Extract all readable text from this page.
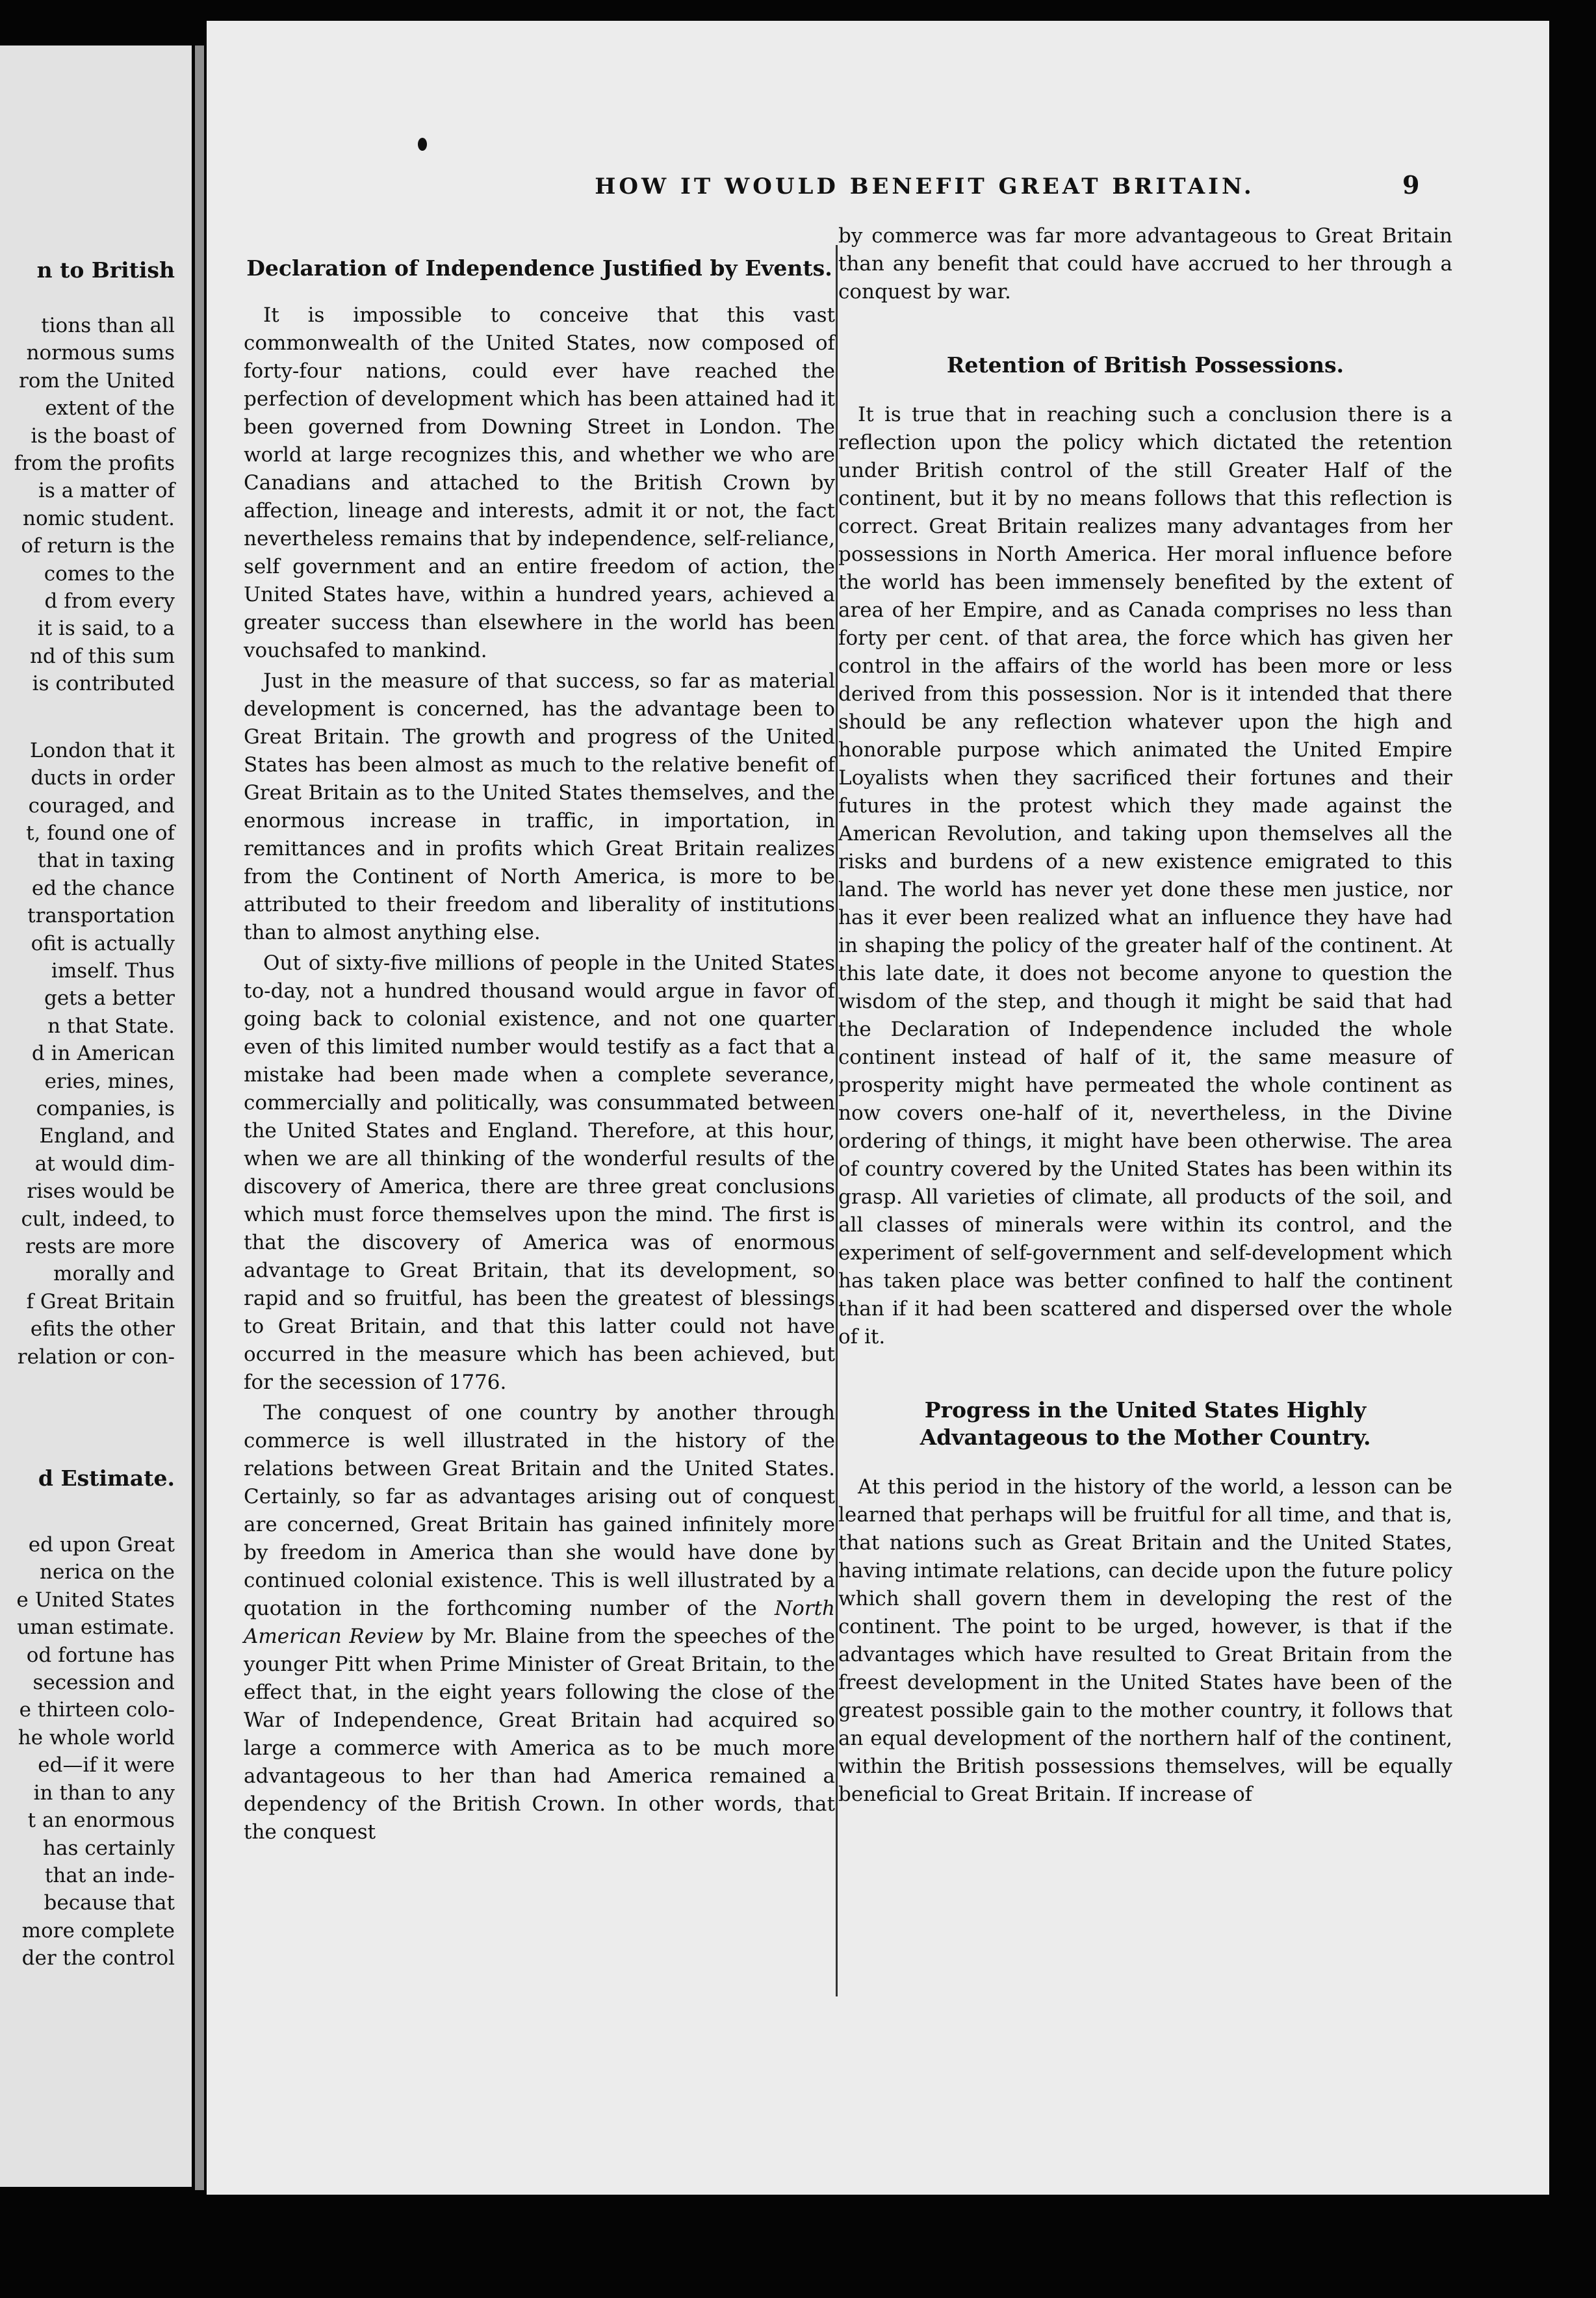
n to British
tions than all
normous sums
rom the United
extent of the
is the boast of
from the profits
is a matter of
nomic student.
of return is the
comes to the
d from every
it is said, to a
nd of this sum
is contributed
London that it
ducts in order
couraged, and
t, found one of
that in taxing
ed the chance
transportation
ofit is actually
imself. Thus
gets a better
n that State.
d in American
eries, mines,
companies, is
England, and
at would dim-
rises would be
cult, indeed, to
rests are more
morally and
f Great Britain
efits the other
relation or con-
d Estimate.
ed upon Great
nerica on the
e United States
uman estimate.
od fortune has
secession and
e thirteen colo-
he whole world
ed—if it were
in than to any
t an enormous
has certainly
that an inde-
because that
more complete
der the control
HOW IT WOULD BENEFIT GREAT BRITAIN.	9
Declaration of Independence Justified by Events.

It is impossible to conceive that this vast commonwealth of the United States, now composed of forty-four nations, could ever have reached the perfection of development which has been attained had it been governed from Downing Street in London. The world at large recognizes this, and whether we who are Canadians and attached to the British Crown by affection, lineage and interests, admit it or not, the fact nevertheless remains that by independence, self-reliance, self government and an entire freedom of action, the United States have, within a hundred years, achieved a greater success than elsewhere in the world has been vouchsafed to mankind.

Just in the measure of that success, so far as material development is concerned, has the advantage been to Great Britain. The growth and progress of the United States has been almost as much to the relative benefit of Great Britain as to the United States themselves, and the enormous increase in traffic, in importation, in remittances and in profits which Great Britain realizes from the Continent of North America, is more to be attributed to their freedom and liberality of institutions than to almost anything else.

Out of sixty-five millions of people in the United States to-day, not a hundred thousand would argue in favor of going back to colonial existence, and not one quarter even of this limited number would testify as a fact that a mistake had been made when a complete severance, commercially and politically, was consummated between the United States and England. Therefore, at this hour, when we are all thinking of the wonderful results of the discovery of America, there are three great conclusions which must force themselves upon the mind. The first is that the discovery of America was of enormous advantage to Great Britain, that its development, so rapid and so fruitful, has been the greatest of blessings to Great Britain, and that this latter could not have occurred in the measure which has been achieved, but for the secession of 1776.

The conquest of one country by another through commerce is well illustrated in the history of the relations between Great Britain and the United States. Certainly, so far as advantages arising out of conquest are concerned, Great Britain has gained infinitely more by freedom in America than she would have done by continued colonial existence. This is well illustrated by a quotation in the forthcoming number of the North American Review by Mr. Blaine from the speeches of the younger Pitt when Prime Minister of Great Britain, to the effect that, in the eight years following the close of the War of Independence, Great Britain had acquired so large a commerce with America as to be much more advantageous to her than had America remained a dependency of the British Crown. In other words, that the conquest

by commerce was far more advantageous to Great Britain than any benefit that could have accrued to her through a conquest by war.

Retention of British Possessions.

It is true that in reaching such a conclusion there is a reflection upon the policy which dictated the retention under British control of the still Greater Half of the continent, but it by no means follows that this reflection is correct. Great Britain realizes many advantages from her possessions in North America. Her moral influence before the world has been immensely benefited by the extent of area of her Empire, and as Canada comprises no less than forty per cent. of that area, the force which has given her control in the affairs of the world has been more or less derived from this possession. Nor is it intended that there should be any reflection whatever upon the high and honorable purpose which animated the United Empire Loyalists when they sacrificed their fortunes and their futures in the protest which they made against the American Revolution, and taking upon themselves all the risks and burdens of a new existence emigrated to this land. The world has never yet done these men justice, nor has it ever been realized what an influence they have had in shaping the policy of the greater half of the continent. At this late date, it does not become anyone to question the wisdom of the step, and though it might be said that had the Declaration of Independence included the whole continent instead of half of it, the same measure of prosperity might have permeated the whole continent as now covers one-half of it, nevertheless, in the Divine ordering of things, it might have been otherwise. The area of country covered by the United States has been within its grasp. All varieties of climate, all products of the soil, and all classes of minerals were within its control, and the experiment of self-government and self-development which has taken place was better confined to half the continent than if it had been scattered and dispersed over the whole of it.

Progress in the United States Highly Advantageous to the Mother Country.

At this period in the history of the world, a lesson can be learned that perhaps will be fruitful for all time, and that is, that nations such as Great Britain and the United States, having intimate relations, can decide upon the future policy which shall govern them in developing the rest of the continent. The point to be urged, however, is that if the advantages which have resulted to Great Britain from the freest development in the United States have been of the greatest possible gain to the mother country, it follows that an equal development of the northern half of the continent, within the British possessions themselves, will be equally beneficial to Great Britain. If increase of
